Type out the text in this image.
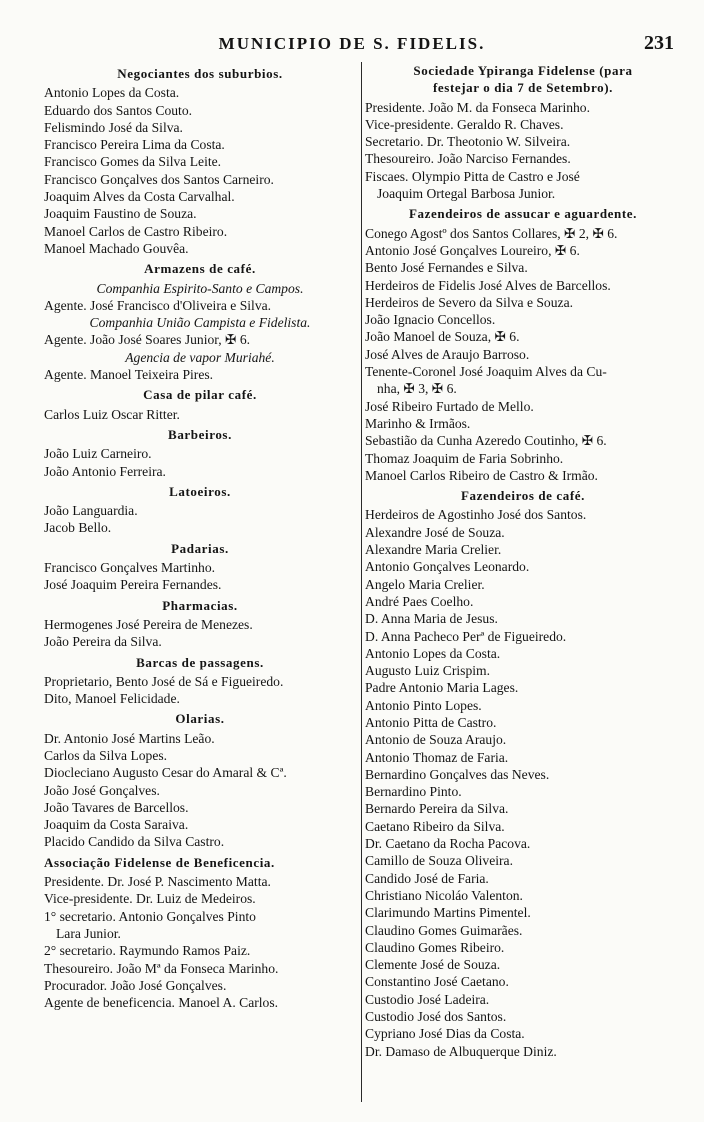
MUNICIPIO DE S. FIDELIS.	231
Negociantes dos suburbios.
Antonio Lopes da Costa.
Eduardo dos Santos Couto.
Felismindo José da Silva.
Francisco Pereira Lima da Costa.
Francisco Gomes da Silva Leite.
Francisco Gonçalves dos Santos Carneiro.
Joaquim Alves da Costa Carvalhal.
Joaquim Faustino de Souza.
Manoel Carlos de Castro Ribeiro.
Manoel Machado Gouvêa.
Armazens de café.
Companhia Espirito-Santo e Campos.
Agente. José Francisco d'Oliveira e Silva.
Companhia União Campista e Fidelista.
Agente. João José Soares Junior, ✠ 6.
Agencia de vapor Muriahé.
Agente. Manoel Teixeira Pires.
Casa de pilar café.
Carlos Luiz Oscar Ritter.
Barbeiros.
João Luiz Carneiro.
João Antonio Ferreira.
Latoeiros.
João Languardia.
Jacob Bello.
Padarias.
Francisco Gonçalves Martinho.
José Joaquim Pereira Fernandes.
Pharmacias.
Hermogenes José Pereira de Menezes.
João Pereira da Silva.
Barcas de passagens.
Proprietario, Bento José de Sá e Figueiredo.
Dito, Manoel Felicidade.
Olarias.
Dr. Antonio José Martins Leão.
Carlos da Silva Lopes.
Diocleciano Augusto Cesar do Amaral & Cª.
João José Gonçalves.
João Tavares de Barcellos.
Joaquim da Costa Saraiva.
Placido Candido da Silva Castro.
Associação Fidelense de Beneficencia.
Presidente. Dr. José P. Nascimento Matta.
Vice-presidente. Dr. Luiz de Medeiros.
1° secretario. Antonio Gonçalves Pinto
Lara Junior.
2° secretario. Raymundo Ramos Paiz.
Thesoureiro. João Mª da Fonseca Marinho.
Procurador. João José Gonçalves.
Agente de beneficencia. Manoel A. Carlos.
Sociedade Ypiranga Fidelense (para
festejar o dia 7 de Setembro).
Presidente. João M. da Fonseca Marinho.
Vice-presidente. Geraldo R. Chaves.
Secretario. Dr. Theotonio W. Silveira.
Thesoureiro. João Narciso Fernandes.
Fiscaes. Olympio Pitta de Castro e José
Joaquim Ortegal Barbosa Junior.
Fazendeiros de assucar e aguardente.
Conego Agostº dos Santos Collares, ✠ 2, ✠ 6.
Antonio José Gonçalves Loureiro, ✠ 6.
Bento José Fernandes e Silva.
Herdeiros de Fidelis José Alves de Barcellos.
Herdeiros de Severo da Silva e Souza.
João Ignacio Concellos.
João Manoel de Souza, ✠ 6.
José Alves de Araujo Barroso.
Tenente-Coronel José Joaquim Alves da Cu-
nha, ✠ 3, ✠ 6.
José Ribeiro Furtado de Mello.
Marinho & Irmãos.
Sebastião da Cunha Azeredo Coutinho, ✠ 6.
Thomaz Joaquim de Faria Sobrinho.
Manoel Carlos Ribeiro de Castro & Irmão.
Fazendeiros de café.
Herdeiros de Agostinho José dos Santos.
Alexandre José de Souza.
Alexandre Maria Crelier.
Antonio Gonçalves Leonardo.
Angelo Maria Crelier.
André Paes Coelho.
D. Anna Maria de Jesus.
D. Anna Pacheco Perª de Figueiredo.
Antonio Lopes da Costa.
Augusto Luiz Crispim.
Padre Antonio Maria Lages.
Antonio Pinto Lopes.
Antonio Pitta de Castro.
Antonio de Souza Araujo.
Antonio Thomaz de Faria.
Bernardino Gonçalves das Neves.
Bernardino Pinto.
Bernardo Pereira da Silva.
Caetano Ribeiro da Silva.
Dr. Caetano da Rocha Pacova.
Camillo de Souza Oliveira.
Candido José de Faria.
Christiano Nicoláo Valenton.
Clarimundo Martins Pimentel.
Claudino Gomes Guimarães.
Claudino Gomes Ribeiro.
Clemente José de Souza.
Constantino José Caetano.
Custodio José Ladeira.
Custodio José dos Santos.
Cypriano José Dias da Costa.
Dr. Damaso de Albuquerque Diniz.
